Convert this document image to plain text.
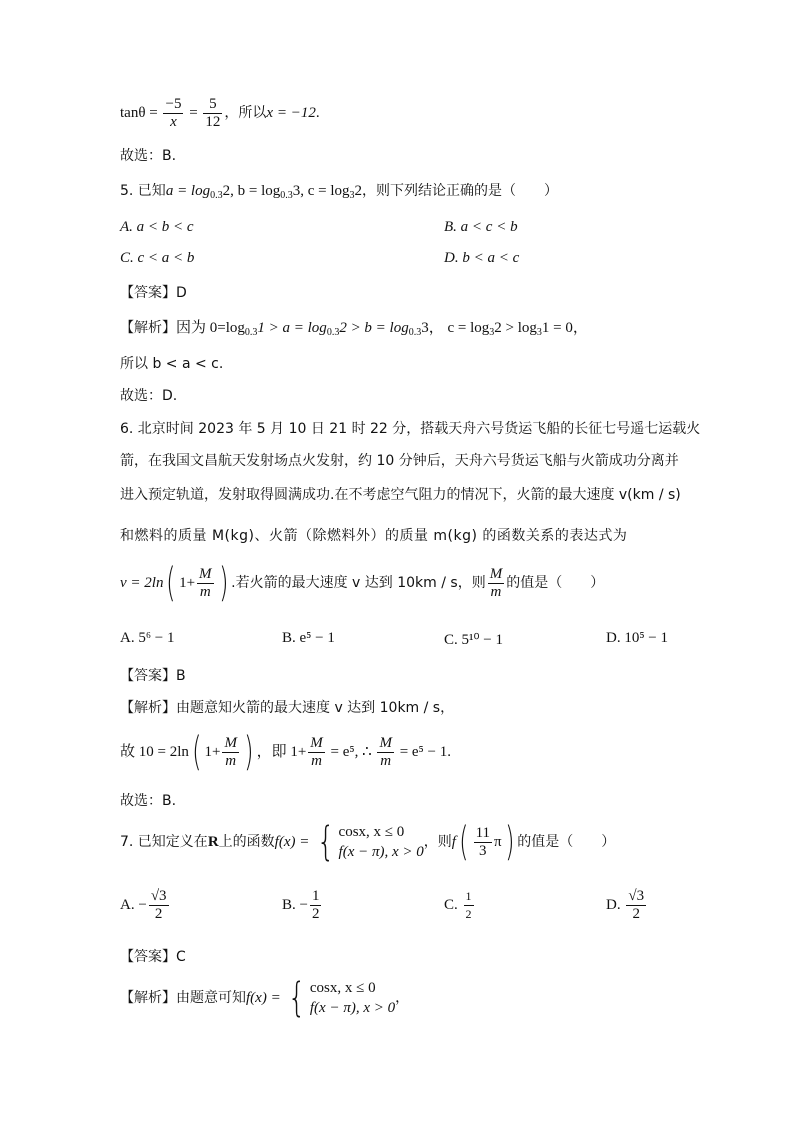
$\tan\theta = \frac{-5}{x} = \frac{5}{12}$ ，所以x = −12.
故选：B.
5. 已知$a = \log_{0.3}2$, $b = \log_{0.3}3$, $c = \log_32$，则下列结论正确的是（　　）
A. a < b < c	B. a < c < b
C. c < a < b	D. b < a < c
【答案】D
【解析】因为 $0=\log_{0.3}1 > a = \log_{0.3}2 > b = \log_{0.3}3$， $c = \log_32 > \log_31 = 0$，
所以 b < a < c.
故选：D.
6. 北京时间 2023 年 5 月 10 日 21 时 22 分，搭载天舟六号货运飞船的长征七号遥七运载火
箭，在我国文昌航天发射场点火发射，约 10 分钟后，天舟六号货运飞船与火箭成功分离并
进入预定轨道，发射取得圆满成功.在不考虑空气阻力的情况下，火箭的最大速度 v(km / s)
和燃料的质量 M(kg)、火箭（除燃料外）的质量 m(kg) 的函数关系的表达式为
v = 2ln( $1+ \frac{M}{m}$ ) .若火箭的最大速度 v 达到 10km / s，则 $\frac{M}{m}$ 的值是（　　）
A. 5⁶ − 1	B. e⁵ − 1	C. 5¹⁰ − 1	D. 10⁵ − 1
【答案】B
【解析】由题意知火箭的最大速度 v 达到 10km / s，
故 10 = 2ln( $1+ \frac{M}{m}$ ) ，即 $1+ \frac{M}{m} = e^5$, ∴ $\frac{M}{m} = e^5 - 1$.
故选：B.
7. 已知定义在R上的函数f(x) = { cosx, x ≤ 0
f(x − π), x > 0
，则$f( \frac{11}{3} \pi)$ 的值是（　　）
A. − $\frac{√3}{2}$	B. − $\frac{1}{2}$	C. $\frac{1}{2}$	D. $\frac{√3}{2}$
【答案】C
【解析】由题意可知f(x) = { cosx, x ≤ 0
f(x − π), x > 0
，
